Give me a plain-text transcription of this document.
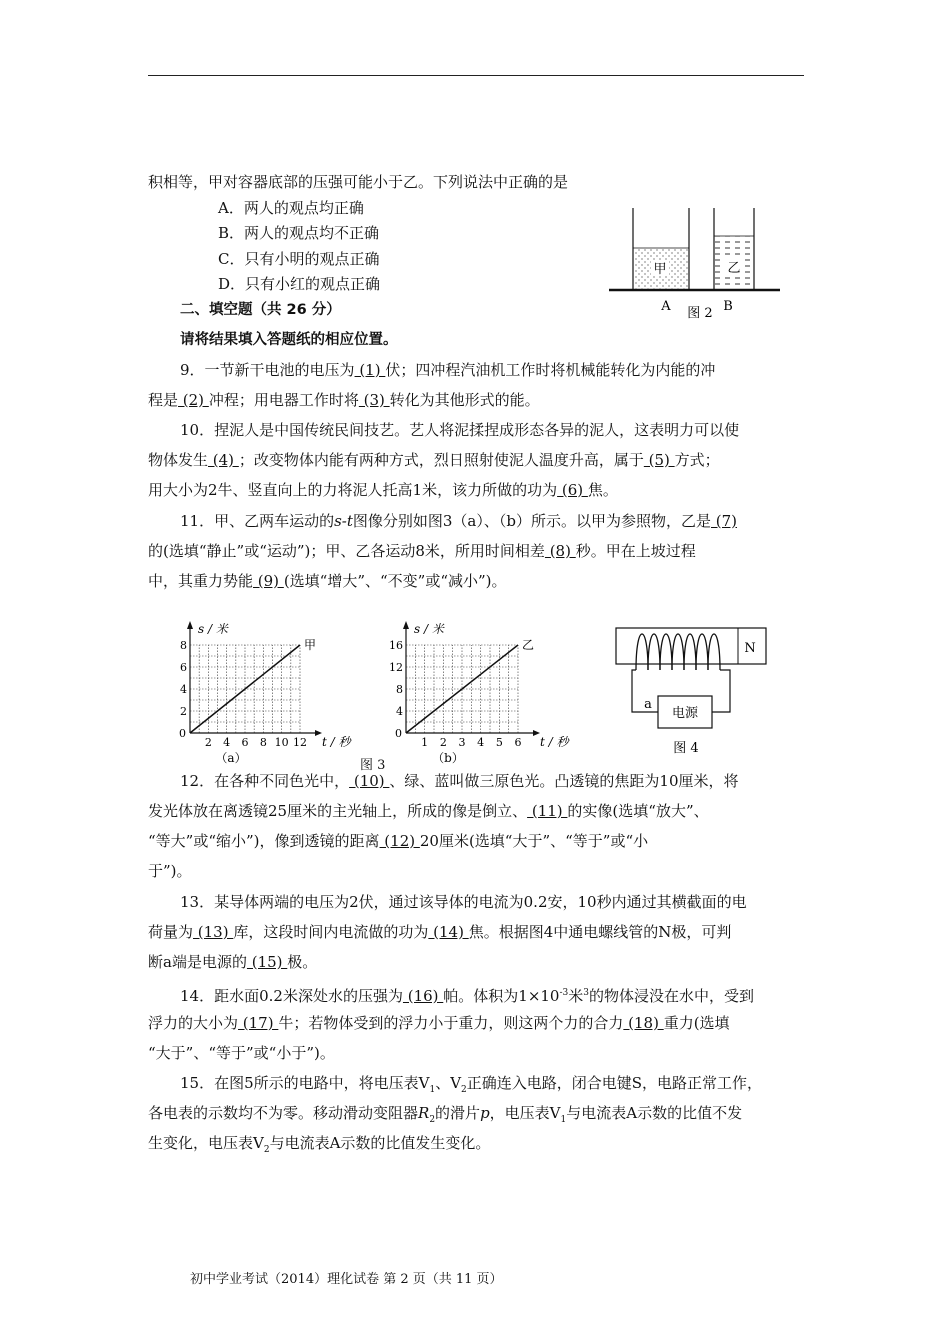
积相等，甲对容器底部的压强可能小于乙。下列说法中正确的是
A．两人的观点均正确
B．两人的观点均不正确
C．只有小明的观点正确
D．只有小红的观点正确
甲	乙
A 图 2 B
二、填空题（共 26 分）
请将结果填入答题纸的相应位置。
9．一节新干电池的电压为 (1) 伏；四冲程汽油机工作时将机械能转化为内能的冲
程是 (2) 冲程；用电器工作时将 (3) 转化为其他形式的能。
10．捏泥人是中国传统民间技艺。艺人将泥揉捏成形态各异的泥人，这表明力可以使
物体发生 (4) ；改变物体内能有两种方式，烈日照射使泥人温度升高，属于 (5) 方式；
用大小为2牛、竖直向上的力将泥人托高1米，该力所做的功为 (6) 焦。
11．甲、乙两车运动的s-t图像分别如图3（a）、（b）所示。以甲为参照物，乙是 (7)
的(选填“静止”或“运动”)；甲、乙各运动8米，所用时间相差 (8) 秒。甲在上坡过程
中，其重力势能 (9) (选填“增大”、“不变”或“减小”)。
2 4 6 8 10 12
2
4
6
8
0
s / 米
t / 秒
甲
（a）
1 2 3 4 5 6
4
8
12
16
0
s / 米
t / 秒
乙
（b）
图 3
N
电源
a
图 4
12．在各种不同色光中， (10) 、绿、蓝叫做三原色光。凸透镜的焦距为10厘米，将
发光体放在离透镜25厘米的主光轴上，所成的像是倒立、 (11) 的实像(选填“放大”、
“等大”或“缩小”)，像到透镜的距离 (12) 20厘米(选填“大于”、“等于”或“小
于”)。
13．某导体两端的电压为2伏，通过该导体的电流为0.2安，10秒内通过其横截面的电
荷量为 (13) 库，这段时间内电流做的功为 (14) 焦。根据图4中通电螺线管的N极，可判
断a端是电源的 (15) 极。
14．距水面0.2米深处水的压强为 (16) 帕。体积为$1\times 10^{-3}$米$^3$的物体浸没在水中，受到
浮力的大小为 (17) 牛；若物体受到的浮力小于重力，则这两个力的合力 (18) 重力(选填
“大于”、“等于”或“小于”)。
15．在图5所示的电路中，将电压表$V_1$、$V_2$正确连入电路，闭合电键S，电路正常工作，
各电表的示数均不为零。移动滑动变阻器$R_2$的滑片p，电压表$V_1$与电流表A示数的比值不发
生变化，电压表$V_2$与电流表A示数的比值发生变化。
初中学业考试（2014）理化试卷 第 2 页（共 11 页）
